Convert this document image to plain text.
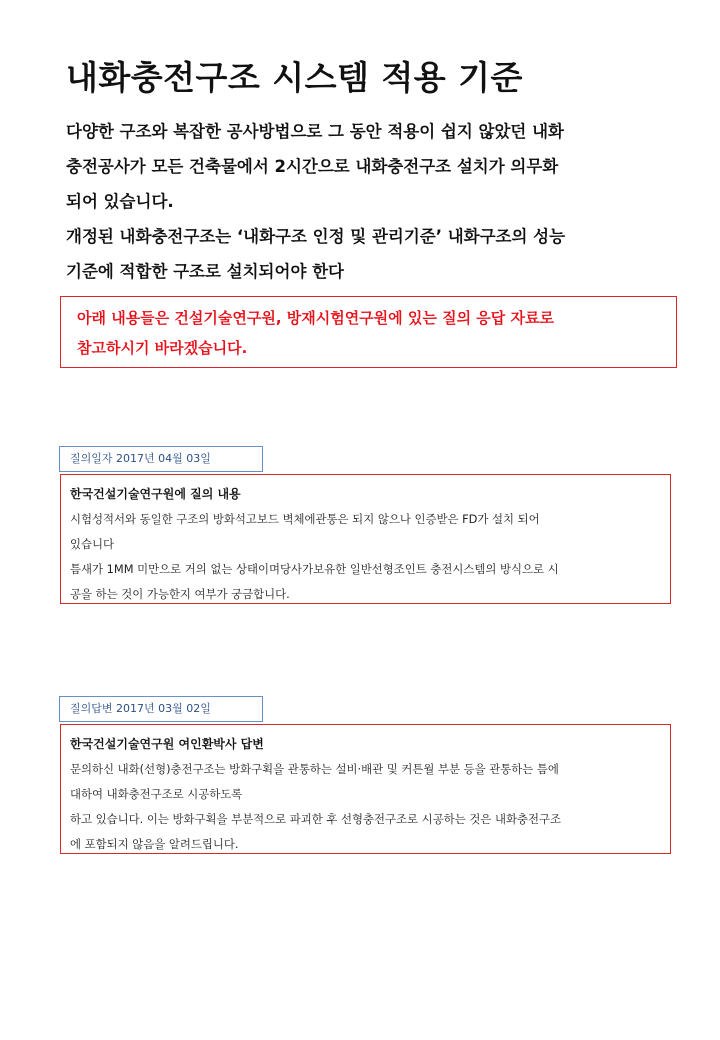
내화충전구조 시스템 적용 기준

다양한 구조와 복잡한 공사방법으로 그 동안 적용이 쉽지 않았던 내화
충전공사가 모든 건축물에서 2시간으로 내화충전구조 설치가 의무화
되어 있습니다.

개정된 내화충전구조는 ‘내화구조 인정 및 관리기준’ 내화구조의 성능
기준에 적합한 구조로 설치되어야 한다

아래 내용들은 건설기술연구원, 방재시험연구원에 있는 질의 응답 자료로
참고하시기 바라겠습니다.

질의일자 2017년 04월 03일

한국건설기술연구원에 질의 내용

시험성적서와 동일한 구조의 방화석고보드 벽체에관통은 되지 않으나 인증받은 FD가 설치 되어
있습니다
틈새가 1MM 미만으로 거의 없는 상태이며당사가보유한 일반선형조인트 충전시스템의 방식으로 시
공을 하는 것이 가능한지 여부가 궁금합니다.

질의답변 2017년 03월 02일

한국건설기술연구원 여인환박사 답변

문의하신 내화(선형)충전구조는 방화구획을 관통하는 설비·배관 및 커튼월 부분 등을 관통하는 틈에
대하여 내화충전구조로 시공하도록
하고 있습니다. 이는 방화구획을 부분적으로 파괴한 후 선형충전구조로 시공하는 것은 내화충전구조
에 포함되지 않음을 알려드립니다.
